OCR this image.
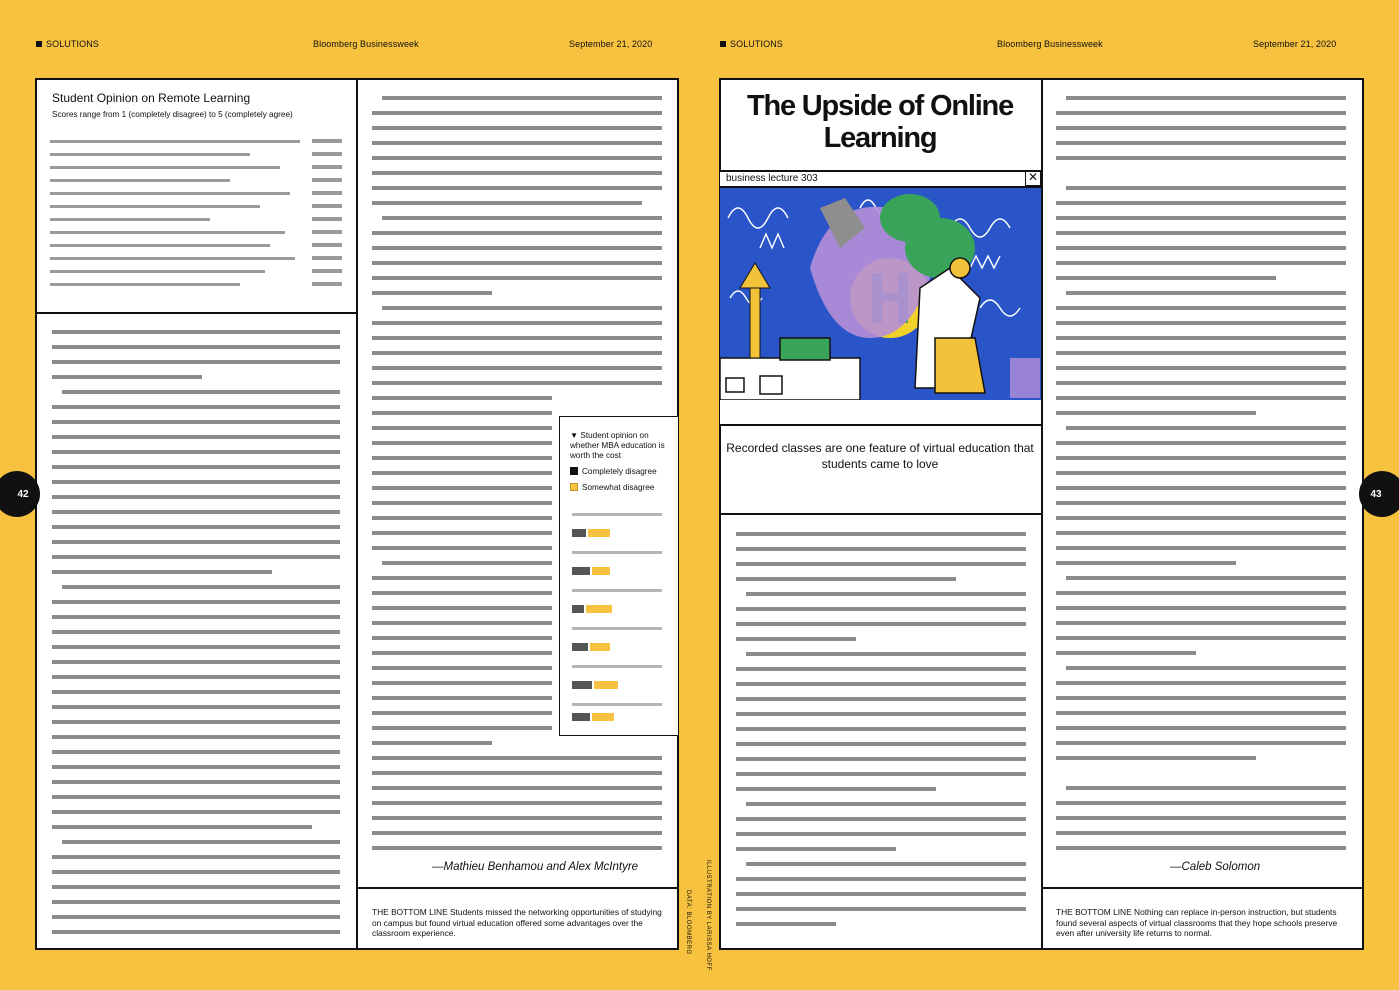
SOLUTIONS	Bloomberg Businessweek	September 21, 2020	SOLUTIONS	Bloomberg Businessweek	September 21, 2020
Student Opinion on Remote Learning
Scores range from 1 (completely disagree) to 5 (completely agree)
—Mathieu Benhamou and Alex McIntyre
▼ Student opinion on whether MBA education is worth the cost
Completely disagree
Somewhat disagree
THE BOTTOM LINE Students missed the networking opportunities of studying on campus but found virtual education offered some advantages over the classroom experience.
42
DATA: BLOOMBERG ILLUSTRATION BY LARISSA HOFF
The Upside of Online Learning
business lecture 303	✕
Recorded classes are one feature of virtual education that students came to love
—Caleb Solomon
THE BOTTOM LINE Nothing can replace in-person instruction, but students found several aspects of virtual classrooms that they hope schools preserve even after university life returns to normal.
43
